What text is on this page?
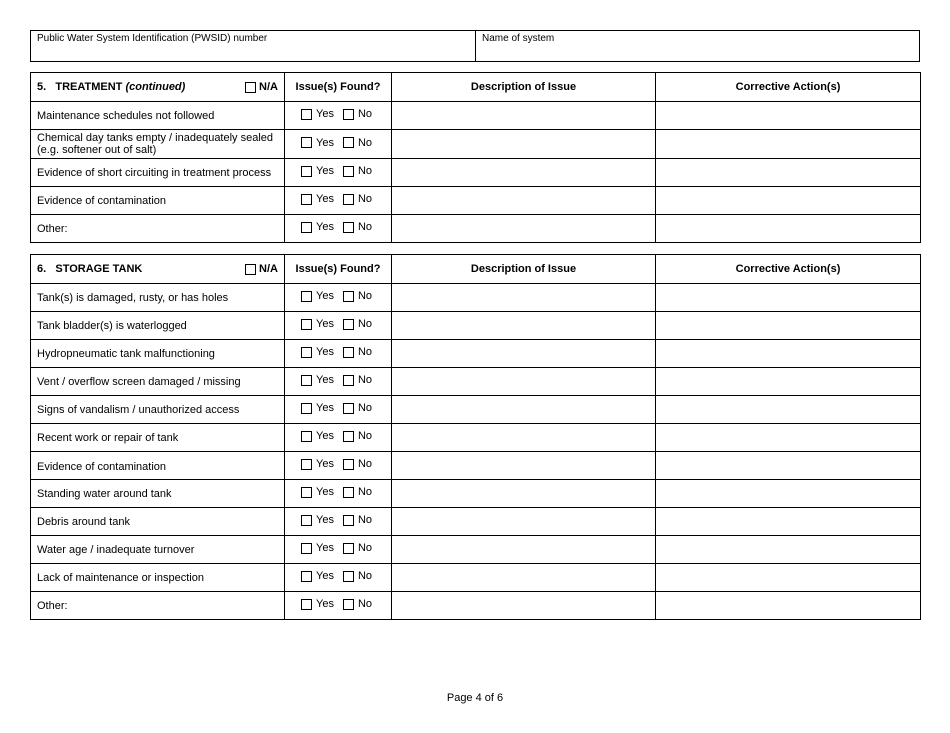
Public Water System Identification (PWSID) number	Name of system
5. TREATMENT (continued) N/A	Issue(s) Found?	Description of Issue	Corrective Action(s)
Maintenance schedules not followed	Yes No		

Chemical day tanks empty / inadequately sealed (e.g. softener out of salt)	Yes No		

Evidence of short circuiting in treatment process	Yes No		

Evidence of contamination	Yes No		

Other:	Yes No		

6. STORAGE TANK N/A	Issue(s) Found?	Description of Issue	Corrective Action(s)
Tank(s) is damaged, rusty, or has holes	Yes No		

Tank bladder(s) is waterlogged	Yes No		

Hydropneumatic tank malfunctioning	Yes No		

Vent / overflow screen damaged / missing	Yes No		

Signs of vandalism / unauthorized access	Yes No		

Recent work or repair of tank	Yes No		

Evidence of contamination	Yes No		

Standing water around tank	Yes No		

Debris around tank	Yes No		

Water age / inadequate turnover	Yes No		

Lack of maintenance or inspection	Yes No		

Other:	Yes No		

Page 4 of 6
